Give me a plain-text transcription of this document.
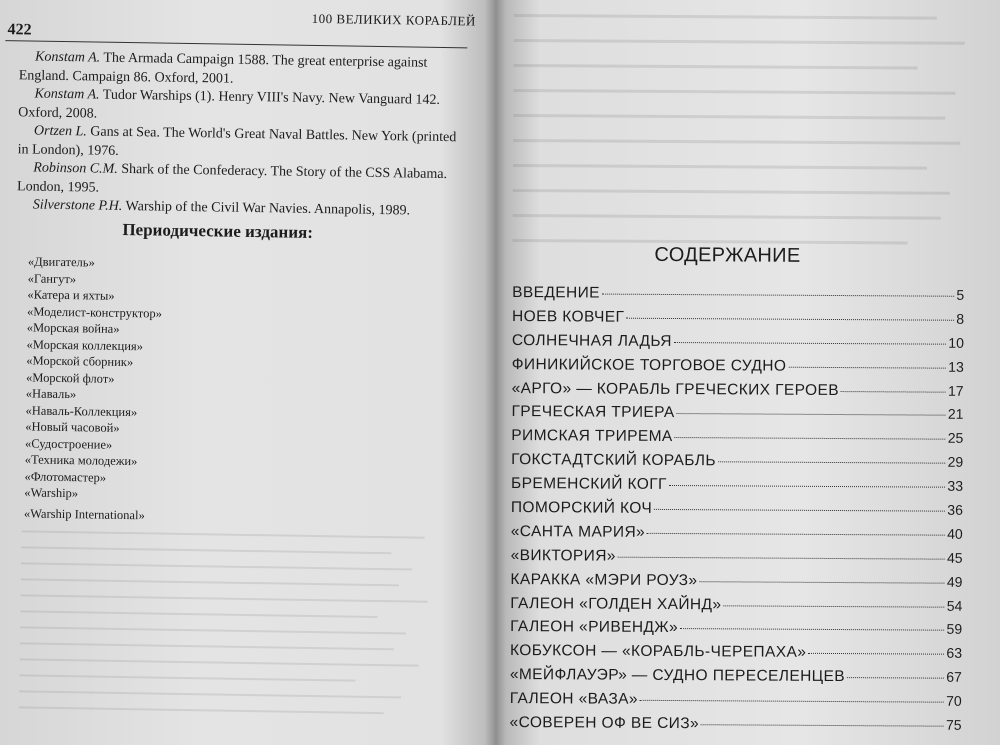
422
100 ВЕЛИКИХ КОРАБЛЕЙ

Konstam A. The Armada Campaign 1588. The great enterprise against England. Campaign 86. Oxford, 2001.

Konstam A. Tudor Warships (1). Henry VIII's Navy. New Vanguard 142. Oxford, 2008.

Ortzen L. Gans at Sea. The World's Great Naval Battles. New York (printed in London), 1976.

Robinson C.M. Shark of the Confederacy. The Story of the CSS Alabama. London, 1995.

Silverstone P.H. Warship of the Civil War Navies. Annapolis, 1989.

Периодические издания:
«Двигатель»
«Гангут»
«Катера и яхты»
«Моделист-конструктор»
«Морская война»
«Морская коллекция»
«Морской сборник»
«Морской флот»
«Наваль»
«Наваль-Коллекция»
«Новый часовой»
«Судостроение»
«Техника молодежи»
«Флотомастер»
«Warship»
«Warship International»
СОДЕРЖАНИЕ
ВВЕДЕНИЕ	5
НОЕВ КОВЧЕГ	8
СОЛНЕЧНАЯ ЛАДЬЯ	10
ФИНИКИЙСКОЕ ТОРГОВОЕ СУДНО	13
«АРГО» — КОРАБЛЬ ГРЕЧЕСКИХ ГЕРОЕВ	17
ГРЕЧЕСКАЯ ТРИЕРА	21
РИМСКАЯ ТРИРЕМА	25
ГОКСТАДТСКИЙ КОРАБЛЬ	29
БРЕМЕНСКИЙ КОГГ	33
ПОМОРСКИЙ КОЧ	36
«САНТА МАРИЯ»	40
«ВИКТОРИЯ»	45
КАРАККА «МЭРИ РОУЗ»	49
ГАЛЕОН «ГОЛДЕН ХАЙНД»	54
ГАЛЕОН «РИВЕНДЖ»	59
КОБУКСОН — «КОРАБЛЬ-ЧЕРЕПАХА»	63
«МЕЙФЛАУЭР» — СУДНО ПЕРЕСЕЛЕНЦЕВ	67
ГАЛЕОН «ВАЗА»	70
«СОВЕРЕН ОФ ВЕ СИЗ»	75
